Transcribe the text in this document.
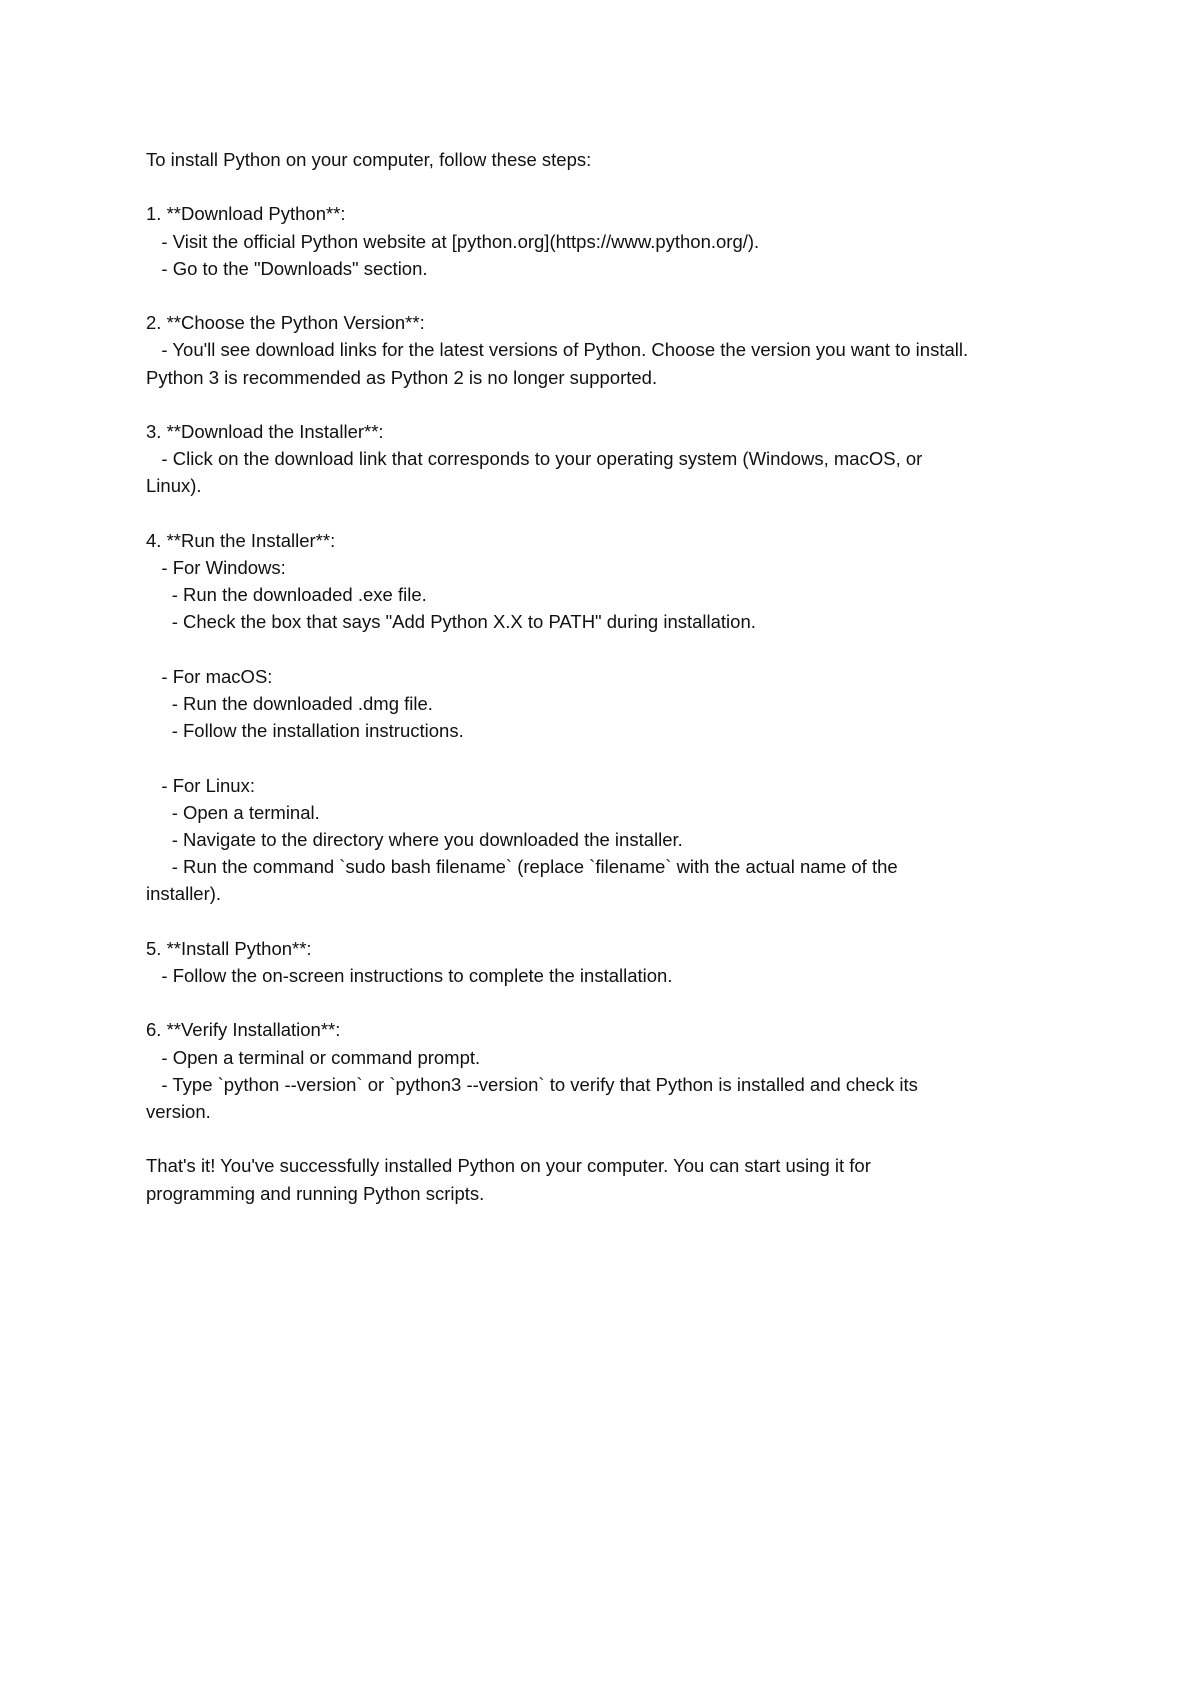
To install Python on your computer, follow these steps:
1. **Download Python**:
- Visit the official Python website at [python.org](https://www.python.org/).
- Go to the "Downloads" section.
2. **Choose the Python Version**:
- You'll see download links for the latest versions of Python. Choose the version you want to install.
Python 3 is recommended as Python 2 is no longer supported.
3. **Download the Installer**:
- Click on the download link that corresponds to your operating system (Windows, macOS, or
Linux).
4. **Run the Installer**:
- For Windows:
- Run the downloaded .exe file.
- Check the box that says "Add Python X.X to PATH" during installation.
- For macOS:
- Run the downloaded .dmg file.
- Follow the installation instructions.
- For Linux:
- Open a terminal.
- Navigate to the directory where you downloaded the installer.
- Run the command `sudo bash filename` (replace `filename` with the actual name of the
installer).
5. **Install Python**:
- Follow the on-screen instructions to complete the installation.
6. **Verify Installation**:
- Open a terminal or command prompt.
- Type `python --version` or `python3 --version` to verify that Python is installed and check its
version.
That's it! You've successfully installed Python on your computer. You can start using it for
programming and running Python scripts.
